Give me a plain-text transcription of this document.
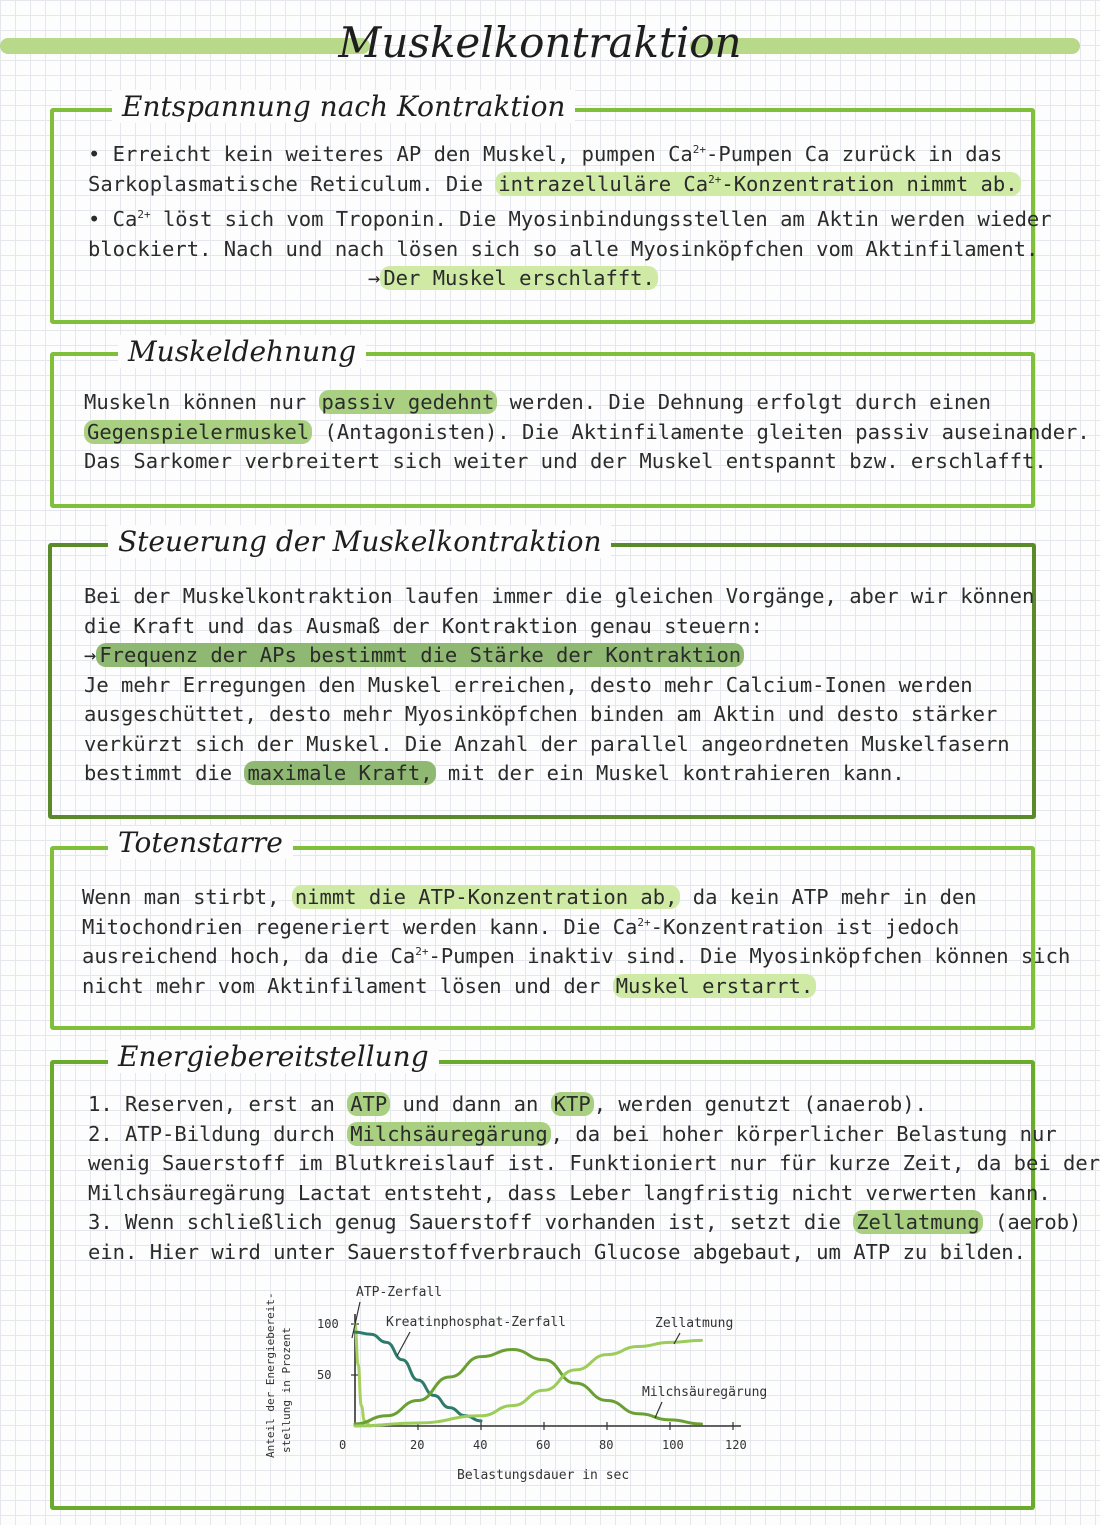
Muskelkontraktion
Entspannung nach Kontraktion
• Erreicht kein weiteres AP den Muskel, pumpen $Ca^{2+}$-Pumpen Ca zurück in das
Sarkoplasmatische Reticulum. Die intrazelluläre $Ca^{2+}$-Konzentration nimmt ab.
• $Ca^{2+}$ löst sich vom Troponin. Die Myosinbindungsstellen am Aktin werden wieder
blockiert. Nach und nach lösen sich so alle Myosinköpfchen vom Aktinfilament.
→ Der Muskel erschlafft.
Muskeldehnung
Muskeln können nur passiv gedehnt werden. Die Dehnung erfolgt durch einen
Gegenspielermuskel (Antagonisten). Die Aktinfilamente gleiten passiv auseinander.
Das Sarkomer verbreitert sich weiter und der Muskel entspannt bzw. erschlafft.
Steuerung der Muskelkontraktion
Bei der Muskelkontraktion laufen immer die gleichen Vorgänge, aber wir können
die Kraft und das Ausmaß der Kontraktion genau steuern:
→ Frequenz der APs bestimmt die Stärke der Kontraktion
Je mehr Erregungen den Muskel erreichen, desto mehr Calcium-Ionen werden
ausgeschüttet, desto mehr Myosinköpfchen binden am Aktin und desto stärker
verkürzt sich der Muskel. Die Anzahl der parallel angeordneten Muskelfasern
bestimmt die maximale Kraft, mit der ein Muskel kontrahieren kann.
Totenstarre
Wenn man stirbt, nimmt die ATP-Konzentration ab, da kein ATP mehr in den
Mitochondrien regeneriert werden kann. Die $Ca^{2+}$-Konzentration ist jedoch
ausreichend hoch, da die $Ca^{2+}$-Pumpen inaktiv sind. Die Myosinköpfchen können sich
nicht mehr vom Aktinfilament lösen und der Muskel erstarrt.
Energiebereitstellung
1. Reserven, erst an ATP und dann an KTP , werden genutzt (anaerob).
2. ATP-Bildung durch Milchsäuregärung , da bei hoher körperlicher Belastung nur
wenig Sauerstoff im Blutkreislauf ist. Funktioniert nur für kurze Zeit, da bei der
Milchsäuregärung Lactat entsteht, dass Leber langfristig nicht verwerten kann.
3. Wenn schließlich genug Sauerstoff vorhanden ist, setzt die Zellatmung (aerob)
ein. Hier wird unter Sauerstoffverbrauch Glucose abgebaut, um ATP zu bilden.
Anteil der Energiebereit- stellung in Prozent
Belastungsdauer in sec
0	20	40	60	80	100	120
50
100
ATP-Zerfall
Kreatinphosphat-Zerfall	Zellatmung
Milchsäuregärung
